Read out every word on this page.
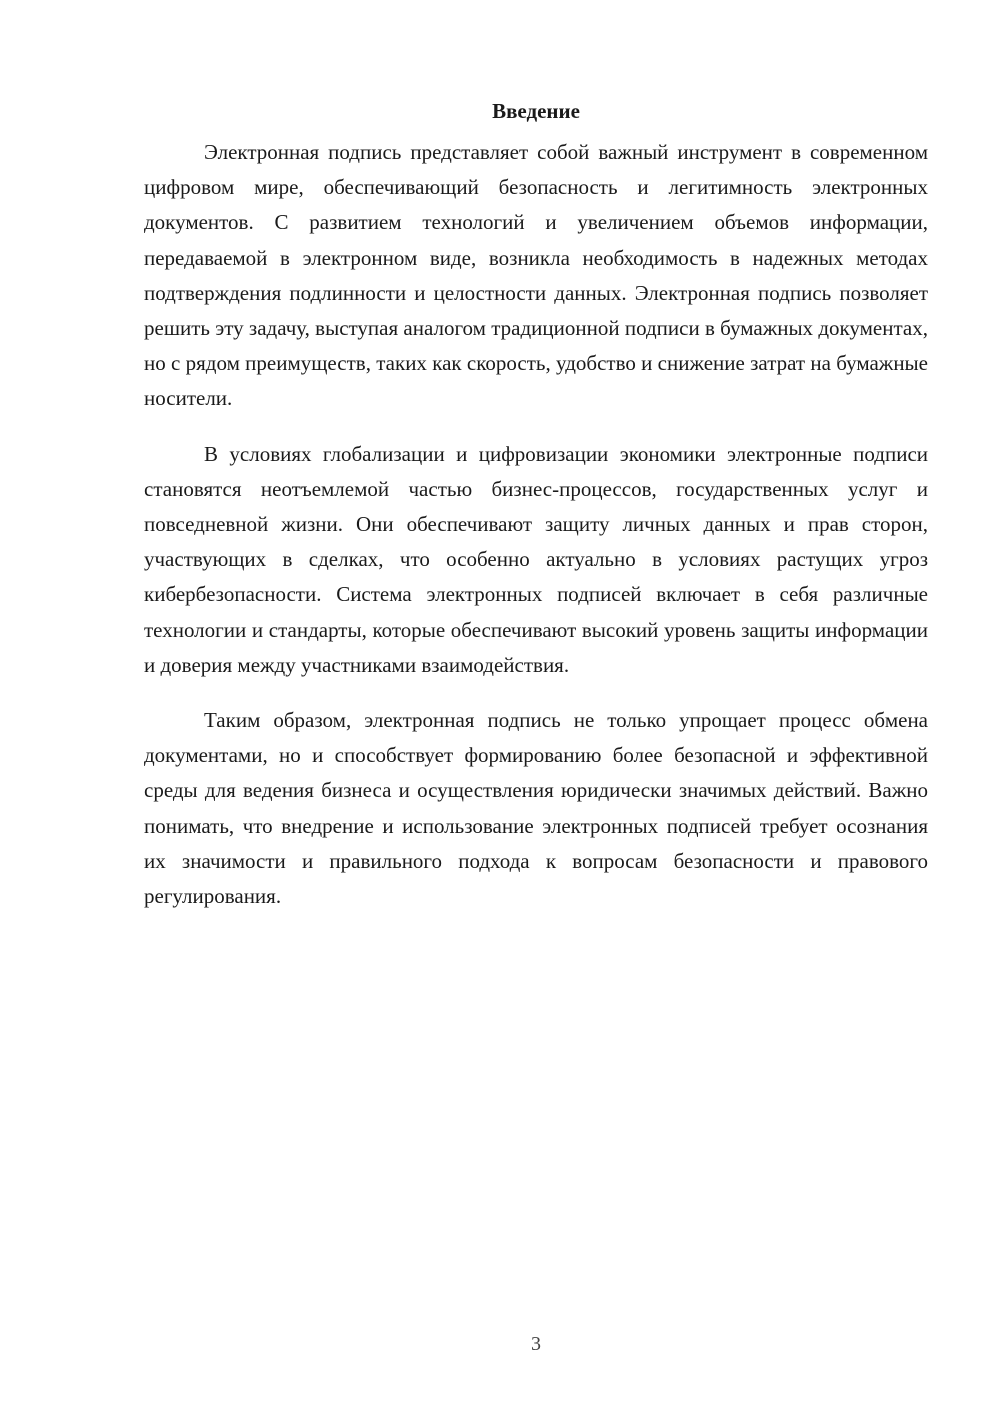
Введение

Электронная подпись представляет собой важный инструмент в современном цифровом мире, обеспечивающий безопасность и легитимность электронных документов. С развитием технологий и увеличением объемов информации, передаваемой в электронном виде, возникла необходимость в надежных методах подтверждения подлинности и целостности данных. Электронная подпись позволяет решить эту задачу, выступая аналогом традиционной подписи в бумажных документах, но с рядом преимуществ, таких как скорость, удобство и снижение затрат на бумажные носители.

В условиях глобализации и цифровизации экономики электронные подписи становятся неотъемлемой частью бизнес-процессов, государственных услуг и повседневной жизни. Они обеспечивают защиту личных данных и прав сторон, участвующих в сделках, что особенно актуально в условиях растущих угроз кибербезопасности. Система электронных подписей включает в себя различные технологии и стандарты, которые обеспечивают высокий уровень защиты информации и доверия между участниками взаимодействия.

Таким образом, электронная подпись не только упрощает процесс обмена документами, но и способствует формированию более безопасной и эффективной среды для ведения бизнеса и осуществления юридически значимых действий. Важно понимать, что внедрение и использование электронных подписей требует осознания их значимости и правильного подхода к вопросам безопасности и правового регулирования.

3
